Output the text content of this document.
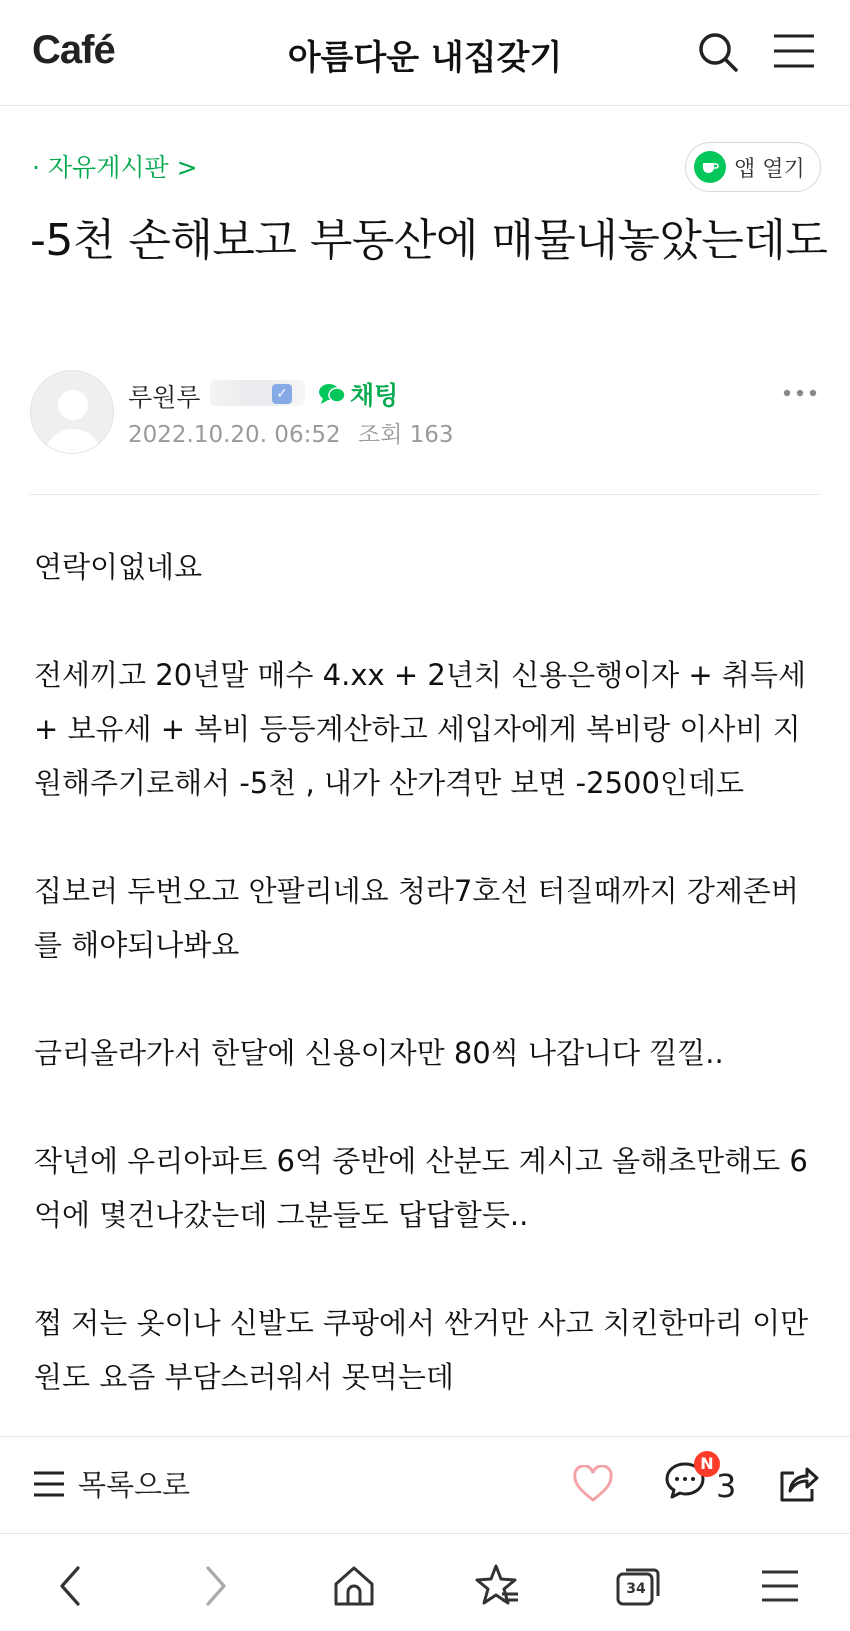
Café	아름다운 내집갖기
· 자유게시판 >	앱 열기
-5천 손해보고 부동산에 매물내놓았는데도
루원루	✓ 채팅
2022.10.20. 06:52 조회 163

연락이없네요

전세끼고 20년말 매수 4.xx + 2년치 신용은행이자 + 취득세 + 보유세 + 복비 등등계산하고 세입자에게 복비랑 이사비 지원해주기로해서 -5천 , 내가 산가격만 보면 -2500인데도

집보러 두번오고 안팔리네요 청라7호선 터질때까지 강제존버를 해야되나봐요

금리올라가서 한달에 신용이자만 80씩 나갑니다 낄낄..

작년에 우리아파트 6억 중반에 산분도 계시고 올해초만해도 6억에 몇건나갔는데 그분들도 답답할듯..

쩝 저는 옷이나 신발도 쿠팡에서 싼거만 사고 치킨한마리 이만원도 요즘 부담스러워서 못먹는데

목록으로
N
3
34
